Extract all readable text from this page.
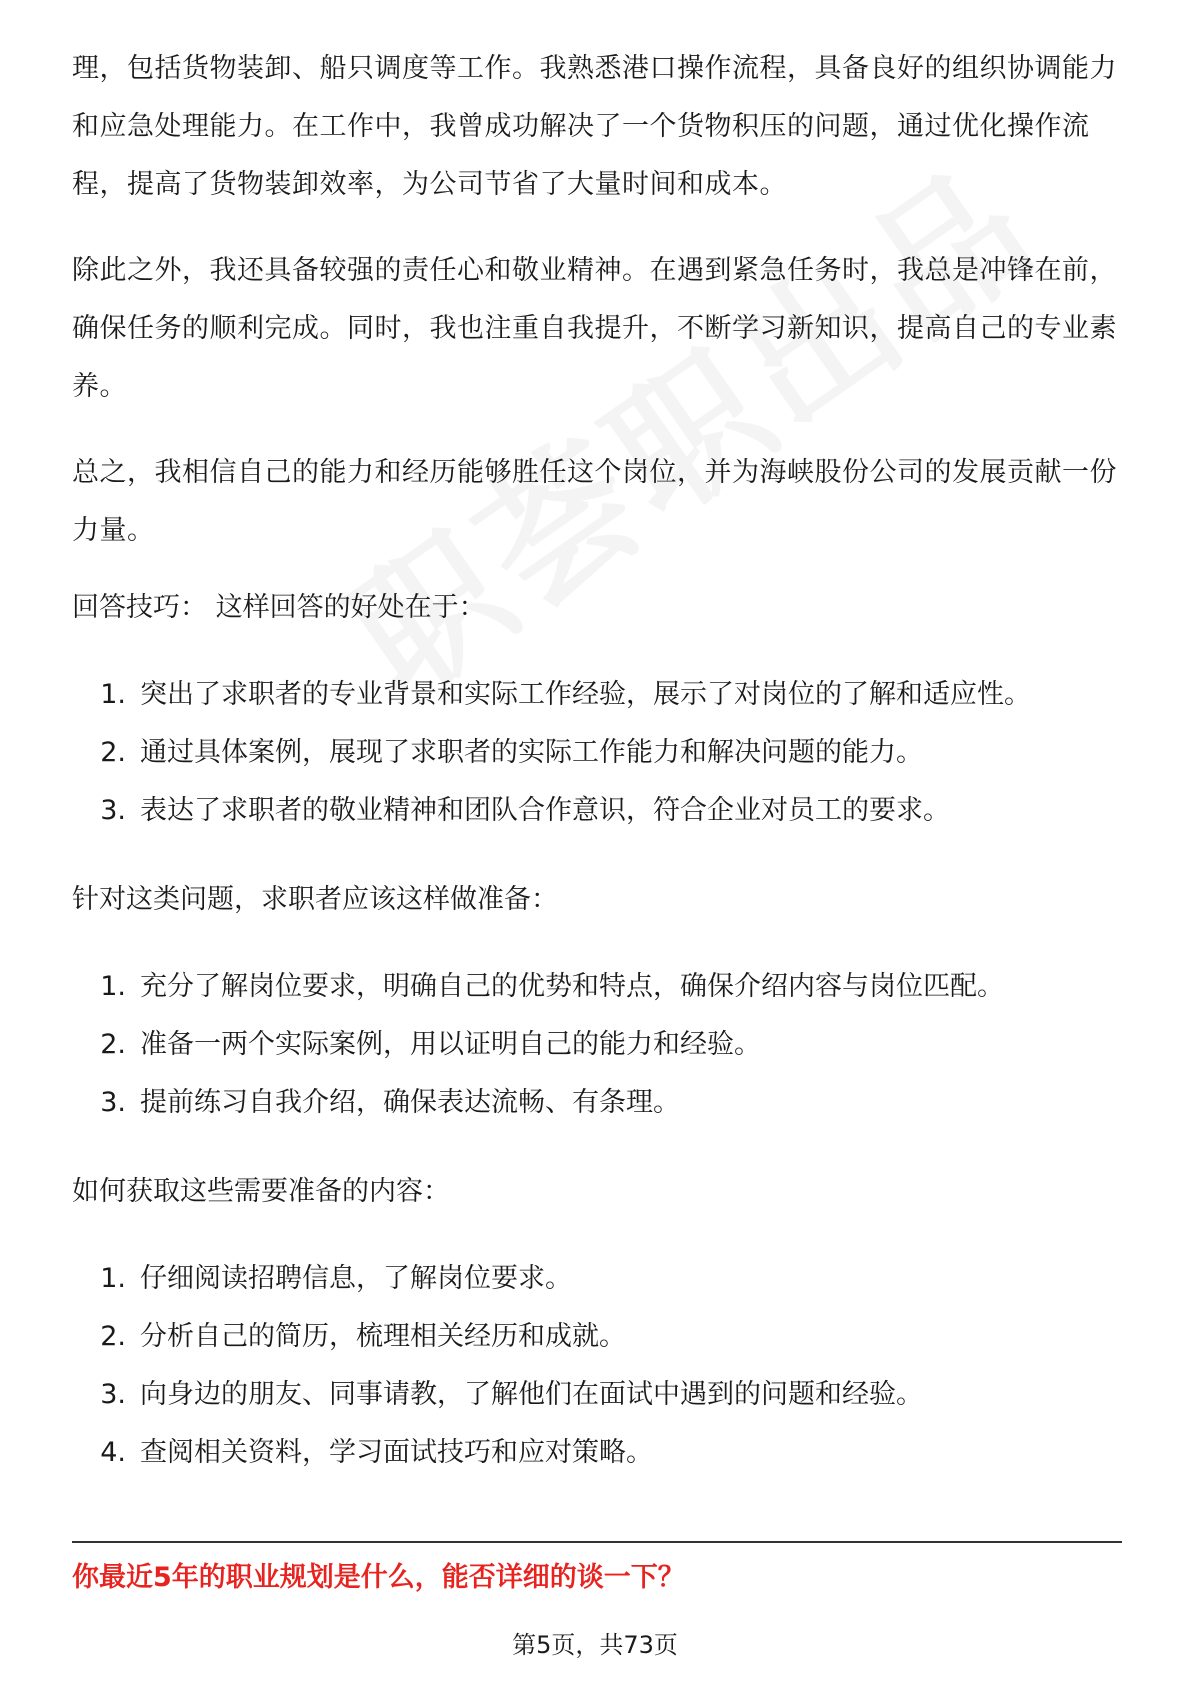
理，包括货物装卸、船只调度等工作。我熟悉港口操作流程，具备良好的组织协调能力和应急处理能力。在工作中，我曾成功解决了一个货物积压的问题，通过优化操作流程，提高了货物装卸效率，为公司节省了大量时间和成本。

除此之外，我还具备较强的责任心和敬业精神。在遇到紧急任务时，我总是冲锋在前，确保任务的顺利完成。同时，我也注重自我提升，不断学习新知识，提高自己的专业素养。

总之，我相信自己的能力和经历能够胜任这个岗位，并为海峡股份公司的发展贡献一份力量。

回答技巧： 这样回答的好处在于：

1. 突出了求职者的专业背景和实际工作经验，展示了对岗位的了解和适应性。
2. 通过具体案例，展现了求职者的实际工作能力和解决问题的能力。
3. 表达了求职者的敬业精神和团队合作意识，符合企业对员工的要求。

针对这类问题，求职者应该这样做准备：

1. 充分了解岗位要求，明确自己的优势和特点，确保介绍内容与岗位匹配。
2. 准备一两个实际案例，用以证明自己的能力和经验。
3. 提前练习自我介绍，确保表达流畅、有条理。

如何获取这些需要准备的内容：

1. 仔细阅读招聘信息，了解岗位要求。
2. 分析自己的简历，梳理相关经历和成就。
3. 向身边的朋友、同事请教，了解他们在面试中遇到的问题和经验。
4. 查阅相关资料，学习面试技巧和应对策略。
你最近5年的职业规划是什么，能否详细的谈一下？
第5页，共73页
